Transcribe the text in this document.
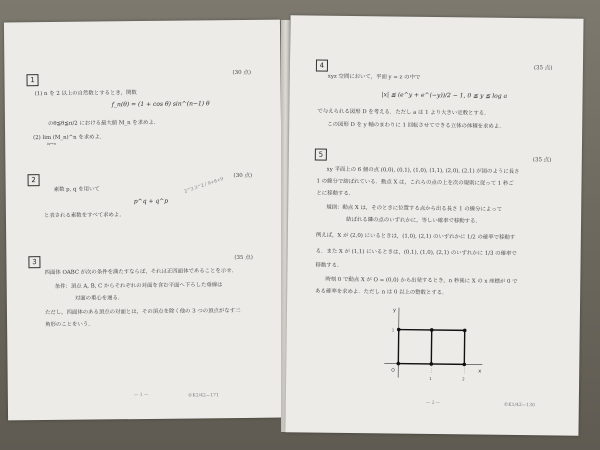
1
(30 点)
(1) n を 2 以上の自然数とするとき，関数
f_n(θ) = (1 + cos θ) sin^(n−1) θ
のθ≦θ≦π/2 における最大値 M_n を求めよ.
(2) lim (M_n)^n を求めよ.
n→∞
2
(30 点)
素数 p, q を用いて
p^q + q^p
2^3 3^2 / 9+8+9
と表される素数をすべて求めよ.
3
(35 点)
四面体 OABC が次の条件を満たすならば，それは正四面体であることを示せ.
条件：頂点 A, B, C からそれぞれの対面を含む平面へ下ろした垂線は
対面の重心を通る.
ただし，四面体のある頂点の対面とは，その頂点を除く他の 3 つの頂点がなす三
角形のことをいう.
— 1 —	©K1/42—171
4	(35 点)
xyz 空間において，平面 y = z の中で
|x| ≦ (e^y + e^(−y))/2 − 1, 0 ≦ y ≦ log a
で与えられる図形 D を考える．ただし a は 1 より大きい定数とする.
この図形 D を y 軸のまわりに 1 回転させてできる立体の体積を求めよ.
5
(35 点)
xy 平面上の 6 個の点 (0,0), (0,1), (1,0), (1,1), (2,0), (2,1) が図のように長さ
1 の線分で結ばれている．動点 X は，これらの点の上を次の規則に従って 1 秒ご
とに移動する.
規則：動点 X は，そのときに位置する点から出る長さ 1 の線分によって
結ばれる隣の点のいずれかに，等しい確率で移動する.
例えば，X が (2,0) にいるときは，(1,0), (2,1) のいずれかに 1/2 の確率で移動す
る．また X が (1,1) にいるときは，(0,1), (1,0), (2,1) のいずれかに 1/3 の確率で
移動する.
時刻 0 で動点 X が O = (0,0) から出発するとき，n 秒後に X の x 座標が 0 で
ある確率を求めよ．ただし n は 0 以上の整数とする.
y
x
O
1	2
1
— 2 —	©K1/42—130
